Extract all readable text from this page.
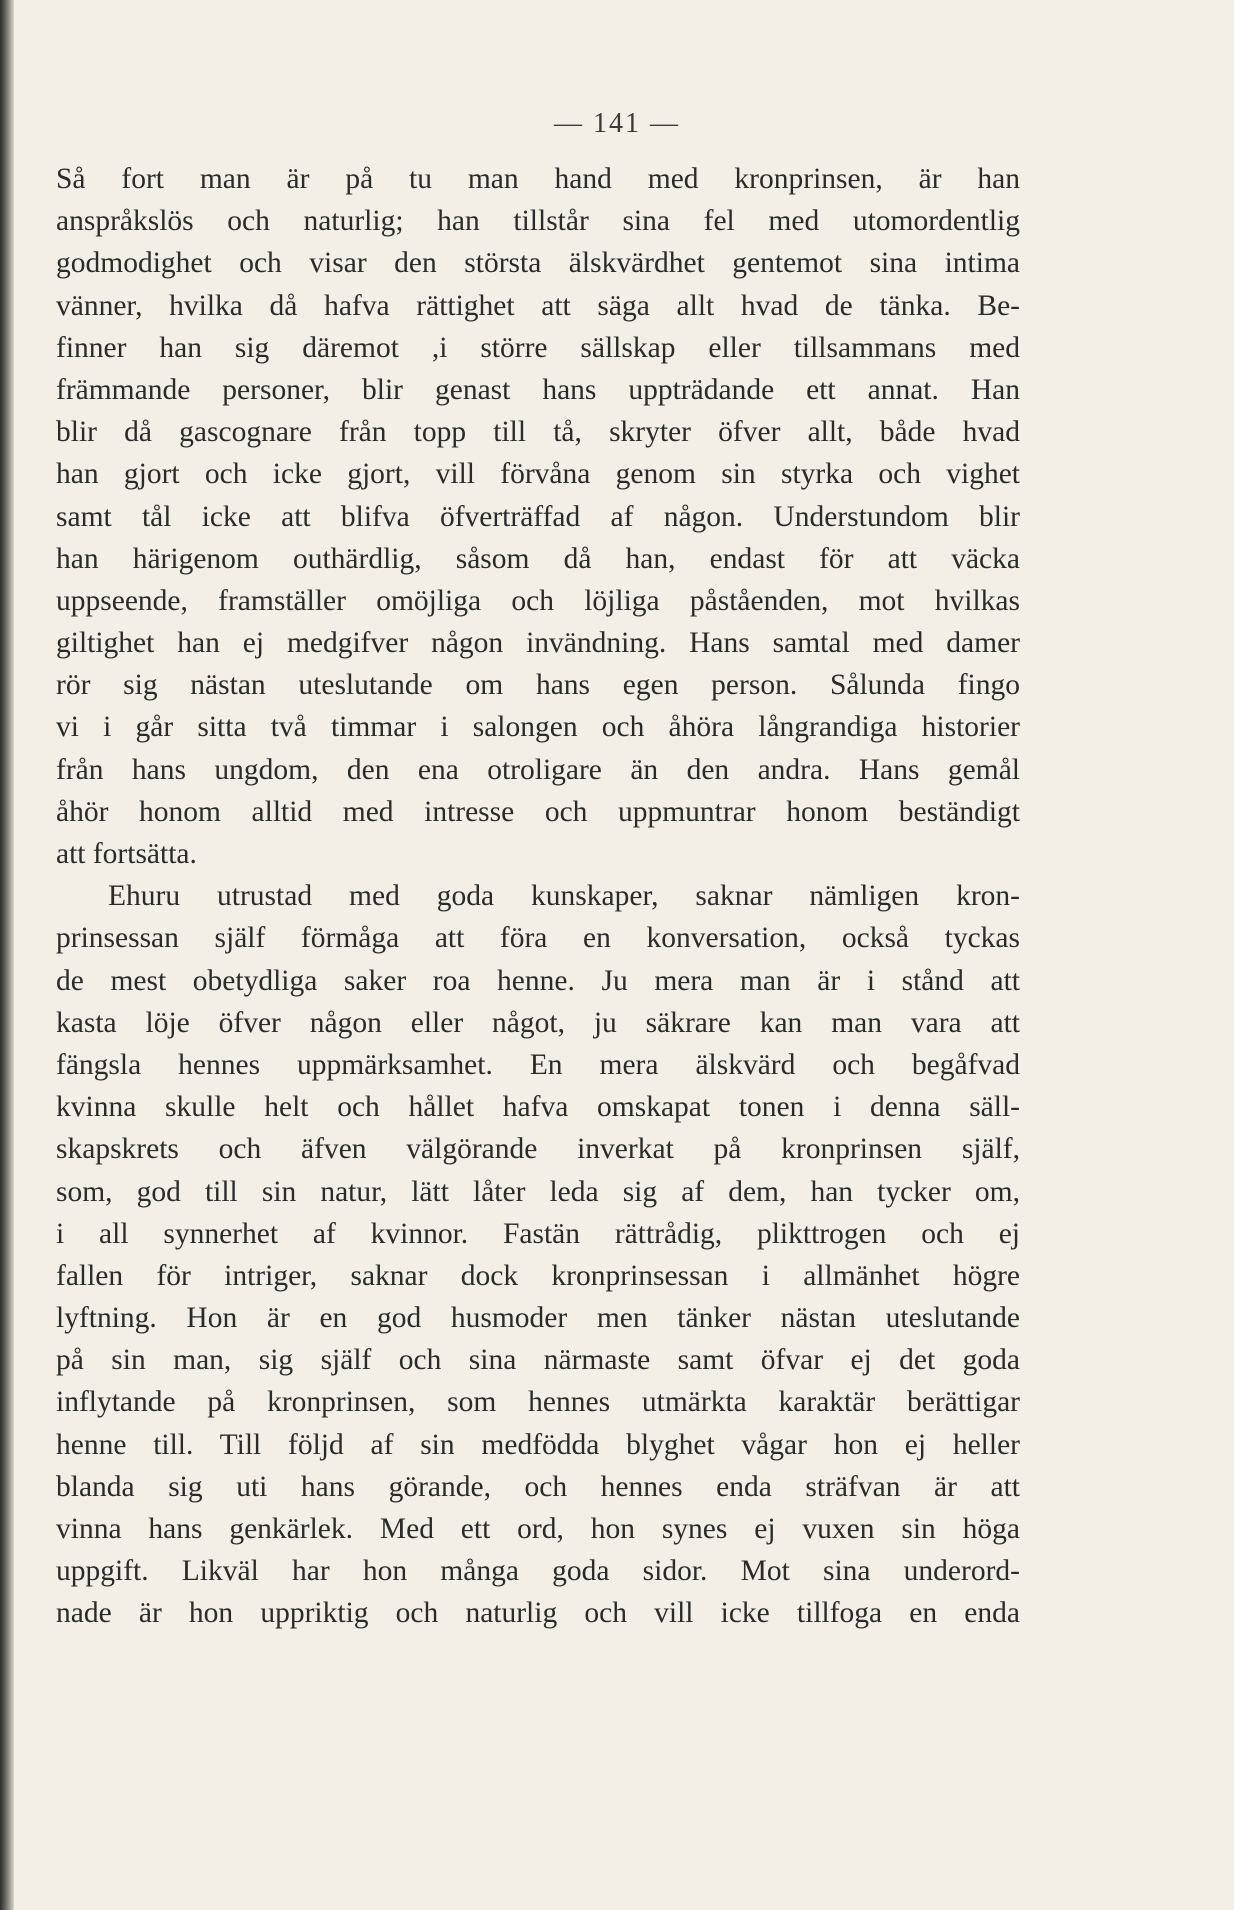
— 141 —
Så fort man är på tu man hand med kronprinsen, är han
anspråkslös och naturlig; han tillstår sina fel med utomordentlig
godmodighet och visar den största älskvärdhet gentemot sina intima
vänner, hvilka då hafva rättighet att säga allt hvad de tänka. Be-
finner han sig däremot ,i större sällskap eller tillsammans med
främmande personer, blir genast hans uppträdande ett annat. Han
blir då gascognare från topp till tå, skryter öfver allt, både hvad
han gjort och icke gjort, vill förvåna genom sin styrka och vighet
samt tål icke att blifva öfverträffad af någon. Understundom blir
han härigenom outhärdlig, såsom då han, endast för att väcka
uppseende, framställer omöjliga och löjliga påståenden, mot hvilkas
giltighet han ej medgifver någon invändning. Hans samtal med damer
rör sig nästan uteslutande om hans egen person. Sålunda fingo
vi i går sitta två timmar i salongen och åhöra långrandiga historier
från hans ungdom, den ena otroligare än den andra. Hans gemål
åhör honom alltid med intresse och uppmuntrar honom beständigt
att fortsätta.
Ehuru utrustad med goda kunskaper, saknar nämligen kron-
prinsessan själf förmåga att föra en konversation, också tyckas
de mest obetydliga saker roa henne. Ju mera man är i stånd att
kasta löje öfver någon eller något, ju säkrare kan man vara att
fängsla hennes uppmärksamhet. En mera älskvärd och begåfvad
kvinna skulle helt och hållet hafva omskapat tonen i denna säll-
skapskrets och äfven välgörande inverkat på kronprinsen själf,
som, god till sin natur, lätt låter leda sig af dem, han tycker om,
i all synnerhet af kvinnor. Fastän rättrådig, plikttrogen och ej
fallen för intriger, saknar dock kronprinsessan i allmänhet högre
lyftning. Hon är en god husmoder men tänker nästan uteslutande
på sin man, sig själf och sina närmaste samt öfvar ej det goda
inflytande på kronprinsen, som hennes utmärkta karaktär berättigar
henne till. Till följd af sin medfödda blyghet vågar hon ej heller
blanda sig uti hans görande, och hennes enda sträfvan är att
vinna hans genkärlek. Med ett ord, hon synes ej vuxen sin höga
uppgift. Likväl har hon många goda sidor. Mot sina underord-
nade är hon uppriktig och naturlig och vill icke tillfoga en enda
